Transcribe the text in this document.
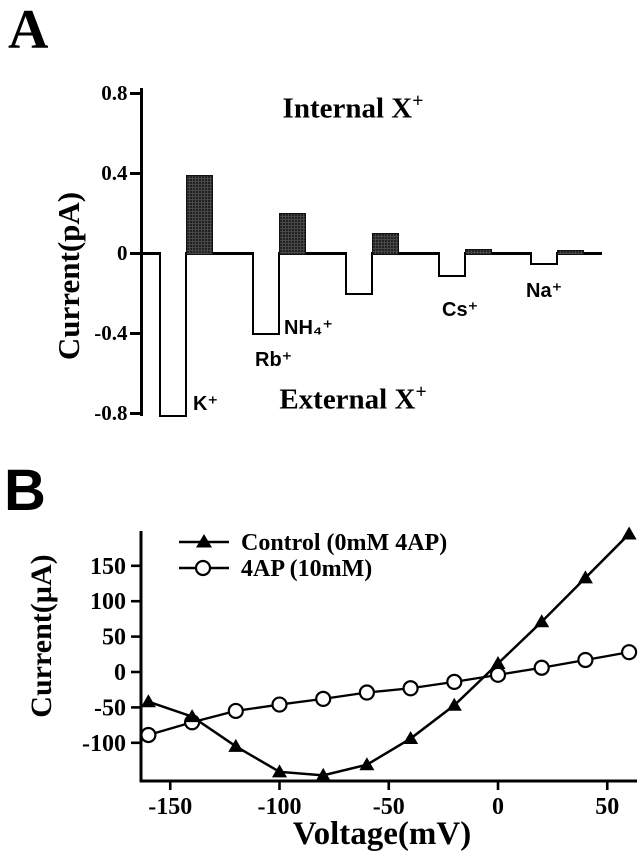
A
B
Current(pA)
Internal X+
External X+
0.8
0.4
0
-0.4
-0.8	K⁺
Rb⁺
NH₄⁺
Cs⁺
Na⁺
150
100
50
0
-50
-100
-150	-100	-50	0	50
Current(µA)
Voltage(mV)
Control (0mM 4AP)
4AP (10mM)
